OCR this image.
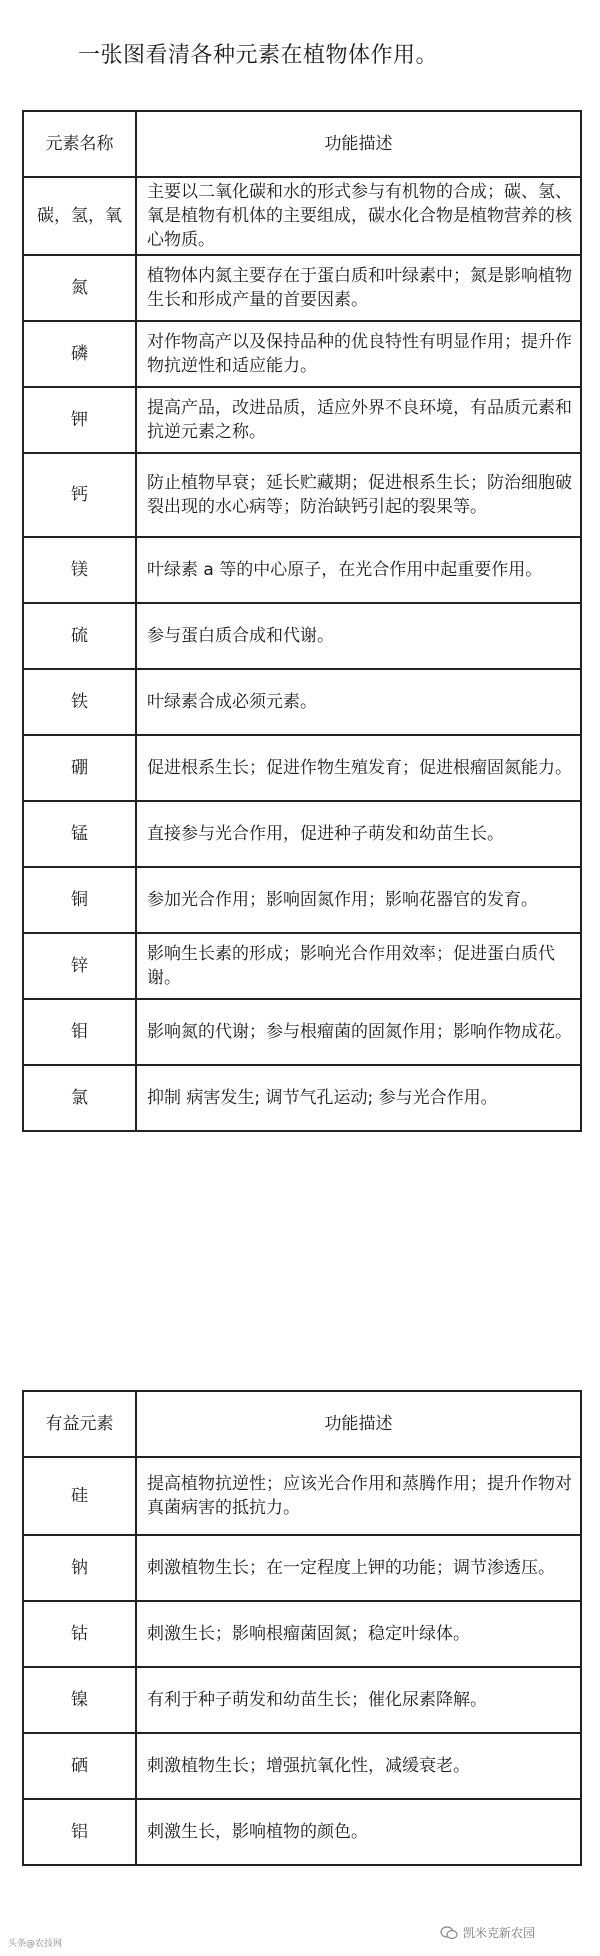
一张图看清各种元素在植物体作用。
元素名称	功能描述
碳，氢，氧	主要以二氧化碳和水的形式参与有机物的合成；碳、氢、氧是植物有机体的主要组成，碳水化合物是植物营养的核心物质。
氮	植物体内氮主要存在于蛋白质和叶绿素中；氮是影响植物生长和形成产量的首要因素。
磷	对作物高产以及保持品种的优良特性有明显作用；提升作物抗逆性和适应能力。
钾	提高产品，改进品质，适应外界不良环境，有品质元素和抗逆元素之称。
钙	防止植物早衰；延长贮藏期；促进根系生长；防治细胞破裂出现的水心病等；防治缺钙引起的裂果等。
镁	叶绿素 a 等的中心原子，在光合作用中起重要作用。
硫	参与蛋白质合成和代谢。
铁	叶绿素合成必须元素。
硼	促进根系生长；促进作物生殖发育；促进根瘤固氮能力。
锰	直接参与光合作用，促进种子萌发和幼苗生长。
铜	参加光合作用；影响固氮作用；影响花器官的发育。
锌	影响生长素的形成；影响光合作用效率；促进蛋白质代谢。
钼	影响氮的代谢；参与根瘤菌的固氮作用；影响作物成花。
氯	抑制 病害发生; 调节气孔运动; 参与光合作用。
有益元素	功能描述
硅	提高植物抗逆性；应该光合作用和蒸腾作用；提升作物对真菌病害的抵抗力。
钠	刺激植物生长；在一定程度上钾的功能；调节渗透压。
钴	刺激生长；影响根瘤菌固氮；稳定叶绿体。
镍	有利于种子萌发和幼苗生长；催化尿素降解。
硒	刺激植物生长；增强抗氧化性，减缓衰老。
铝	刺激生长，影响植物的颜色。
头条@农技网
凯米克新农园
